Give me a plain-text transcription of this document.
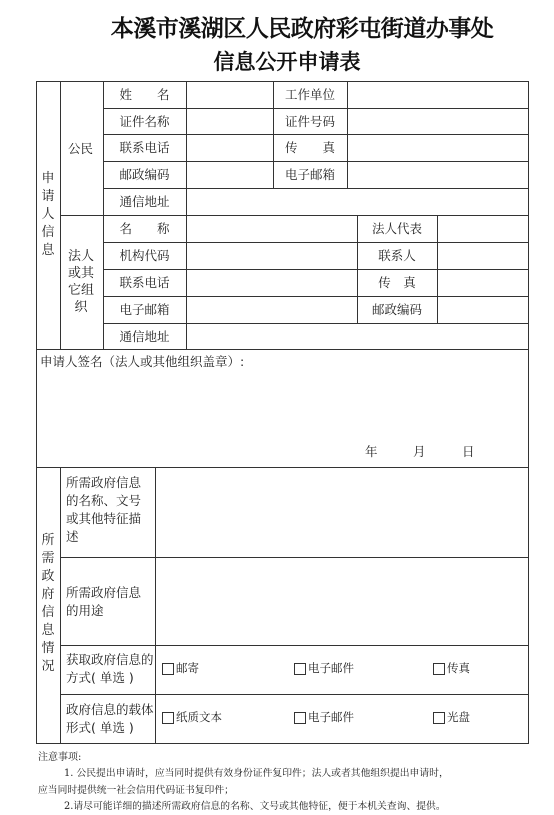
本溪市溪湖区人民政府彩屯街道办事处
信息公开申请表
申
请
人
信
息
公民
姓　　名	工作单位
证件名称	证件号码
联系电话	传　　真
邮政编码	电子邮箱
通信地址
法人
或其
它组
织
名　　称	法人代表
机构代码	联系人
联系电话	传　真
电子邮箱	邮政编码
通信地址
申请人签名（法人或其他组织盖章）:
年	月	日
所
需
政
府
信
息
情
况
所需政府信息的名称、文号或其他特征描述
所需政府信息的用途
获取政府信息的方式( 单选 )
邮寄	电子邮件	传真
政府信息的载体形式( 单选 )
纸质文本	电子邮件	光盘
注意事项:
1. 公民提出申请时，应当同时提供有效身份证件复印件；法人或者其他组织提出申请时，
应当同时提供统一社会信用代码证书复印件；
2.请尽可能详细的描述所需政府信息的名称、文号或其他特征，便于本机关查询、提供。
